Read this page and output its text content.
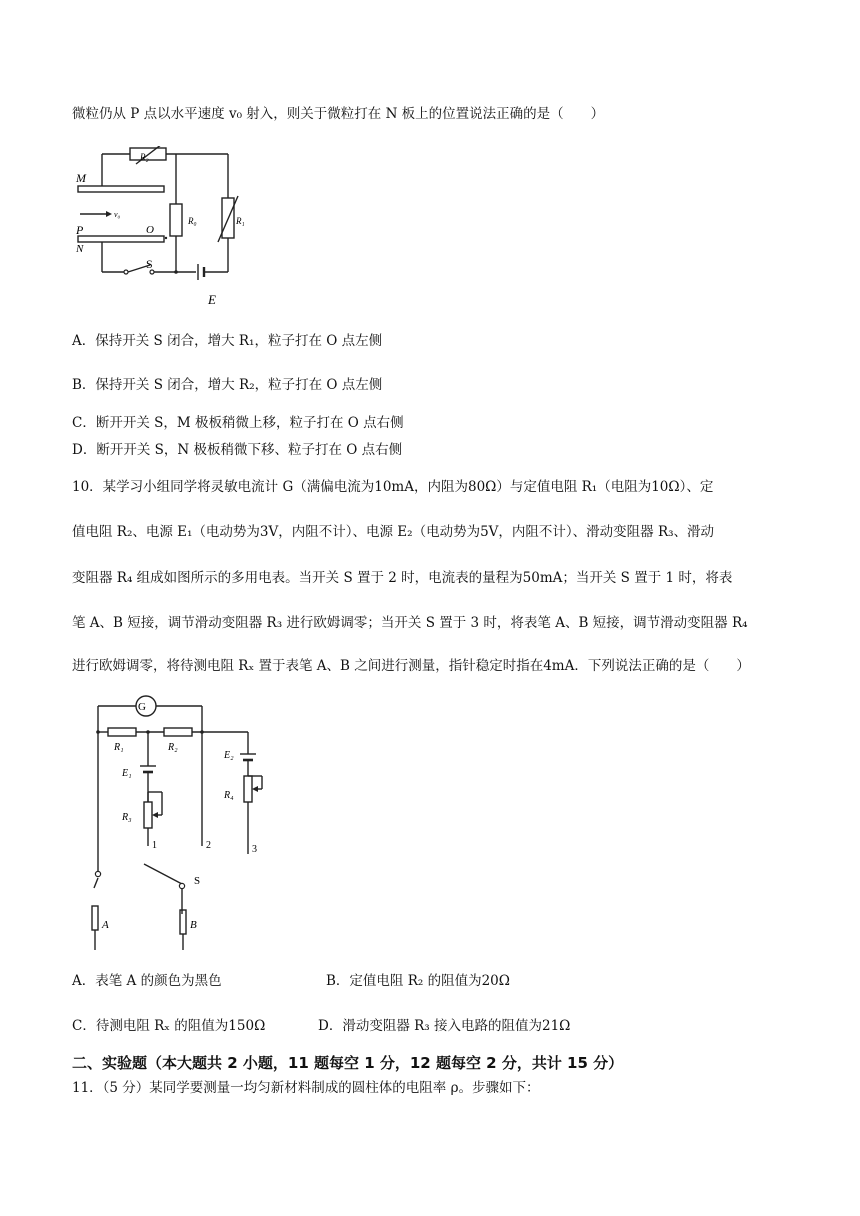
微粒仍从 P 点以水平速度 v₀ 射入，则关于微粒打在 N 板上的位置说法正确的是（　　）
M
P
N
v₀
O
R₂
R₀	R₁
S
E
A．保持开关 S 闭合，增大 R₁，粒子打在 O 点左侧
B．保持开关 S 闭合，增大 R₂，粒子打在 O 点左侧
C．断开开关 S，M 极板稍微上移，粒子打在 O 点右侧
D．断开开关 S，N 极板稍微下移、粒子打在 O 点右侧
10．某学习小组同学将灵敏电流计 G（满偏电流为10mA，内阻为80Ω）与定值电阻 R₁（电阻为10Ω）、定
值电阻 R₂、电源 E₁（电动势为3V，内阻不计）、电源 E₂（电动势为5V，内阻不计）、滑动变阻器 R₃、滑动
变阻器 R₄ 组成如图所示的多用电表。当开关 S 置于 2 时，电流表的量程为50mA；当开关 S 置于 1 时，将表
笔 A、B 短接，调节滑动变阻器 R₃ 进行欧姆调零；当开关 S 置于 3 时，将表笔 A、B 短接，调节滑动变阻器 R₄
进行欧姆调零，将待测电阻 Rₓ 置于表笔 A、B 之间进行测量，指针稳定时指在4mA．下列说法正确的是（　　）
G
R₁	R₂
E₁
R₃
E₂
R₄
1	2	3
S
A	B
A．表笔 A 的颜色为黑色	B．定值电阻 R₂ 的阻值为20Ω
C．待测电阻 Rₓ 的阻值为150Ω	D．滑动变阻器 R₃ 接入电路的阻值为21Ω
二、实验题（本大题共 2 小题，11 题每空 1 分，12 题每空 2 分，共计 15 分）
11．（5 分）某同学要测量一均匀新材料制成的圆柱体的电阻率 ρ。步骤如下：
